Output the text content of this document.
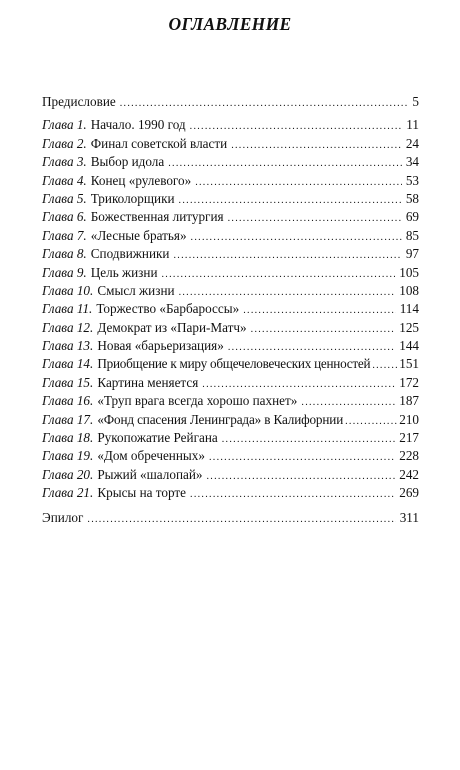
ОГЛАВЛЕНИЕ
Предисловие . . .	5
Глава 1. Начало. 1990 год . . .	11
Глава 2. Финал советской власти . . .	24
Глава 3. Выбор идола . . .	34
Глава 4. Конец «рулевого» . . .	53
Глава 5. Триколорщики . . .	58
Глава 6. Божественная литургия . . .	69
Глава 7. «Лесные братья» . . .	85
Глава 8. Сподвижники . . .	97
Глава 9. Цель жизни . . .	105
Глава 10. Смысл жизни . . .	108
Глава 11. Торжество «Барбароссы» . . .	114
Глава 12. Демократ из «Пари-Матч» . . .	125
Глава 13. Новая «барьеризация» . . .	144
Глава 14. Приобщение к миру общечеловеческих ценностей . . . 151
Глава 15. Картина меняется . . .	172
Глава 16. «Труп врага всегда хорошо пахнет» . . .	187
Глава 17. «Фонд спасения Ленинграда» в Калифорнии . . .	210
Глава 18. Рукопожатие Рейгана . . .	217
Глава 19. «Дом обреченных» . . .	228
Глава 20. Рыжий «шалопай» . . .	242
Глава 21. Крысы на торте . . .	269
Эпилог . . .	311
